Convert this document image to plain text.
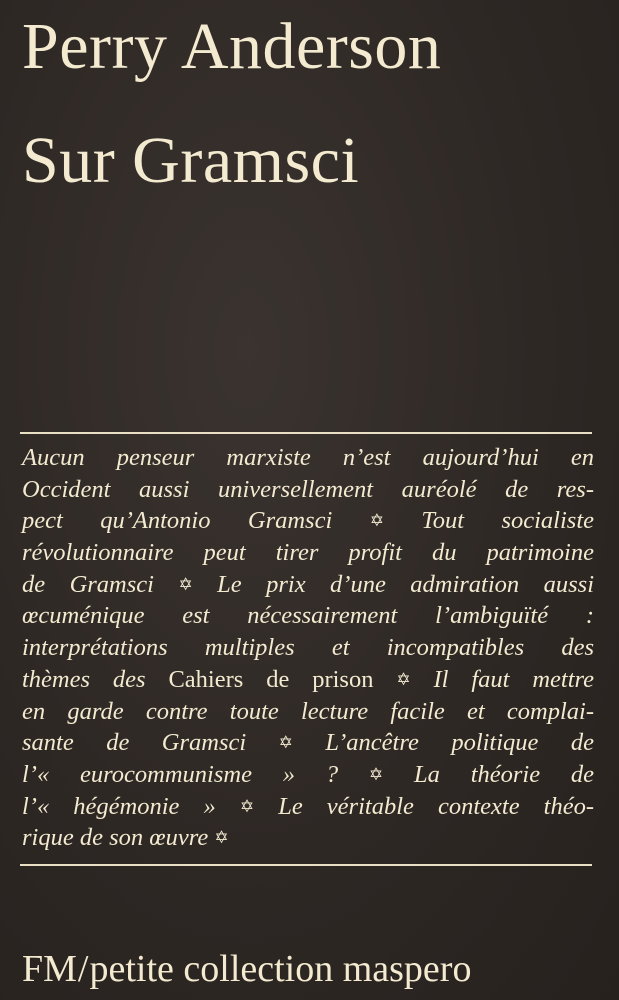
Perry Anderson
Sur Gramsci
Aucun penseur marxiste n’est aujourd’hui en
Occident aussi universellement auréolé de res-
pect qu’Antonio Gramsci ✡ Tout socialiste
révolutionnaire peut tirer profit du patrimoine
de Gramsci ✡ Le prix d’une admiration aussi
œcuménique est nécessairement l’ambiguïté :
interprétations multiples et incompatibles des
thèmes des Cahiers de prison ✡ Il faut mettre
en garde contre toute lecture facile et complai-
sante de Gramsci ✡ L’ancêtre politique de
l’« eurocommunisme » ? ✡ La théorie de
l’« hégémonie » ✡ Le véritable contexte théo-
rique de son œuvre ✡
FM/petite collection maspero
